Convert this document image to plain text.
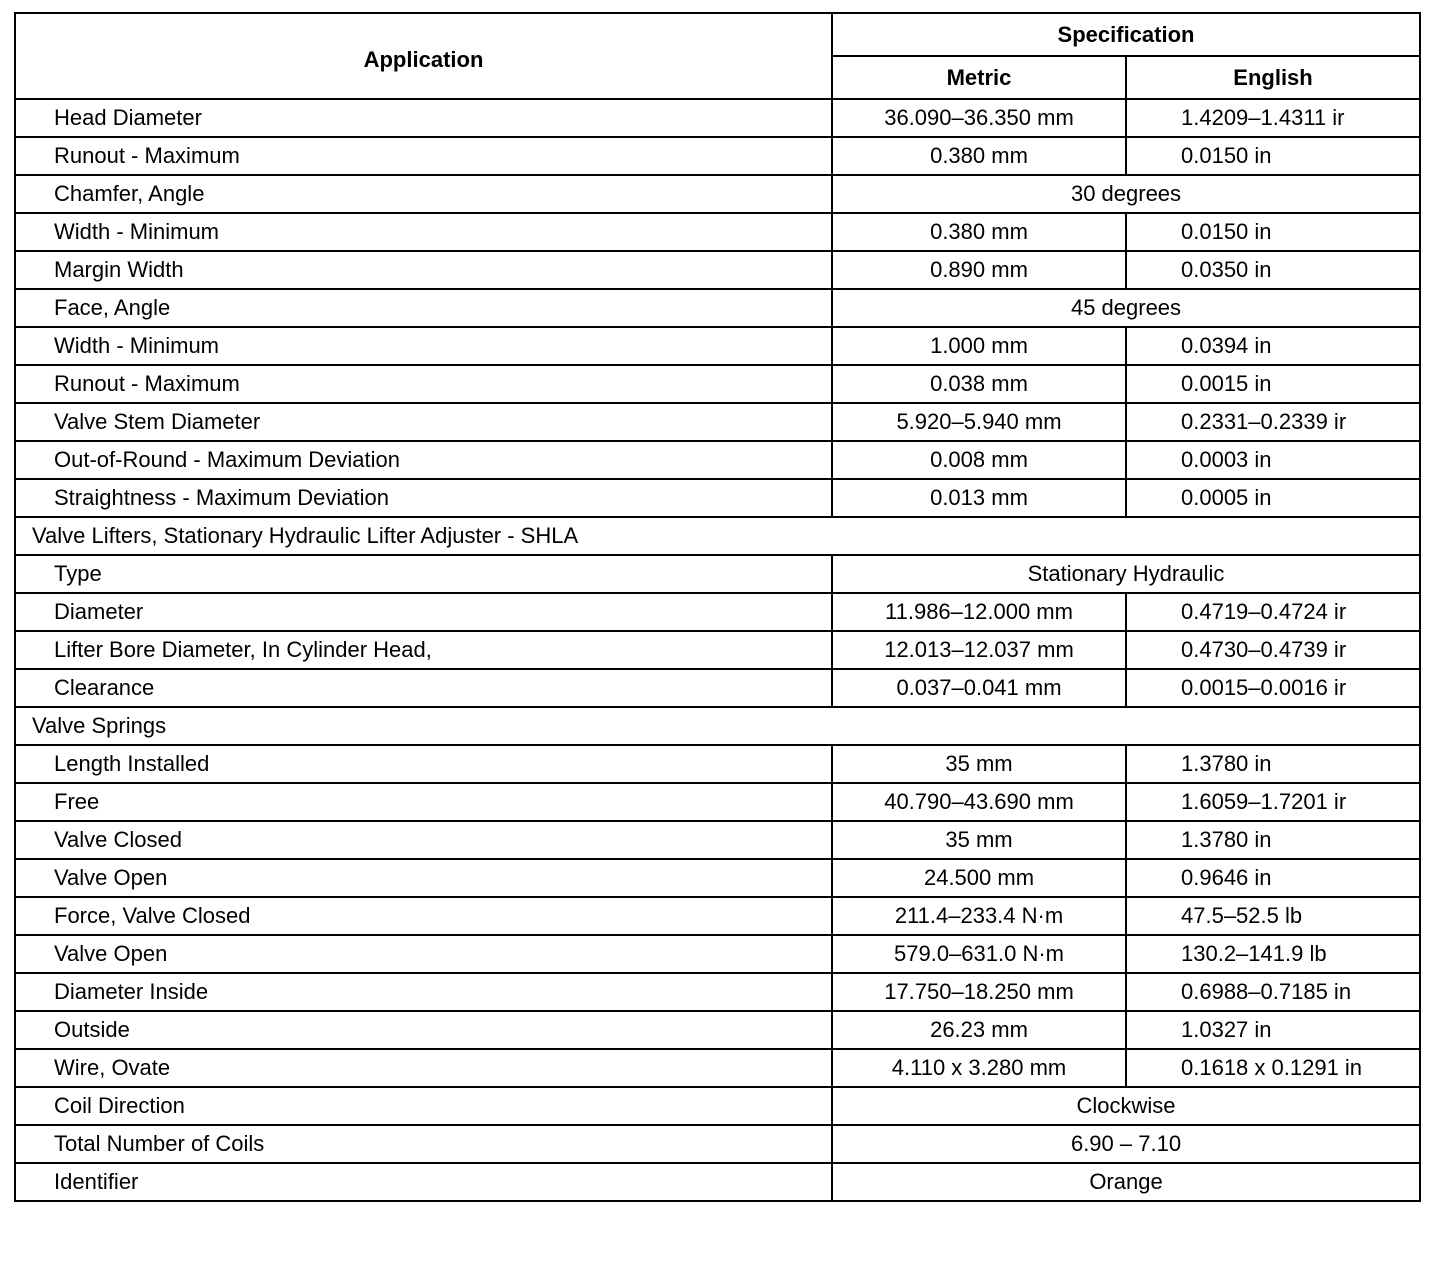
Application	Specification	
	Metric	English
Head Diameter	36.090–36.350 mm	1.4209–1.4311 ir
Runout - Maximum	0.380 mm	0.0150 in
Chamfer, Angle	30 degrees	
Width - Minimum	0.380 mm	0.0150 in
Margin Width	0.890 mm	0.0350 in
Face, Angle	45 degrees	
Width - Minimum	1.000 mm	0.0394 in
Runout - Maximum	0.038 mm	0.0015 in
Valve Stem Diameter	5.920–5.940 mm	0.2331–0.2339 ir
Out-of-Round - Maximum Deviation	0.008 mm	0.0003 in
Straightness - Maximum Deviation	0.013 mm	0.0005 in
Valve Lifters, Stationary Hydraulic Lifter Adjuster - SHLA		
Type	Stationary Hydraulic	
Diameter	11.986–12.000 mm	0.4719–0.4724 ir
Lifter Bore Diameter, In Cylinder Head,	12.013–12.037 mm	0.4730–0.4739 ir
Clearance	0.037–0.041 mm	0.0015–0.0016 ir
Valve Springs		
Length Installed	35 mm	1.3780 in
Free	40.790–43.690 mm	1.6059–1.7201 ir
Valve Closed	35 mm	1.3780 in
Valve Open	24.500 mm	0.9646 in
Force, Valve Closed	211.4–233.4 N·m	47.5–52.5 lb
Valve Open	579.0–631.0 N·m	130.2–141.9 lb
Diameter Inside	17.750–18.250 mm	0.6988–0.7185 in
Outside	26.23 mm	1.0327 in
Wire, Ovate	4.110 x 3.280 mm	0.1618 x 0.1291 in
Coil Direction	Clockwise	
Total Number of Coils	6.90 – 7.10	
Identifier	Orange	
